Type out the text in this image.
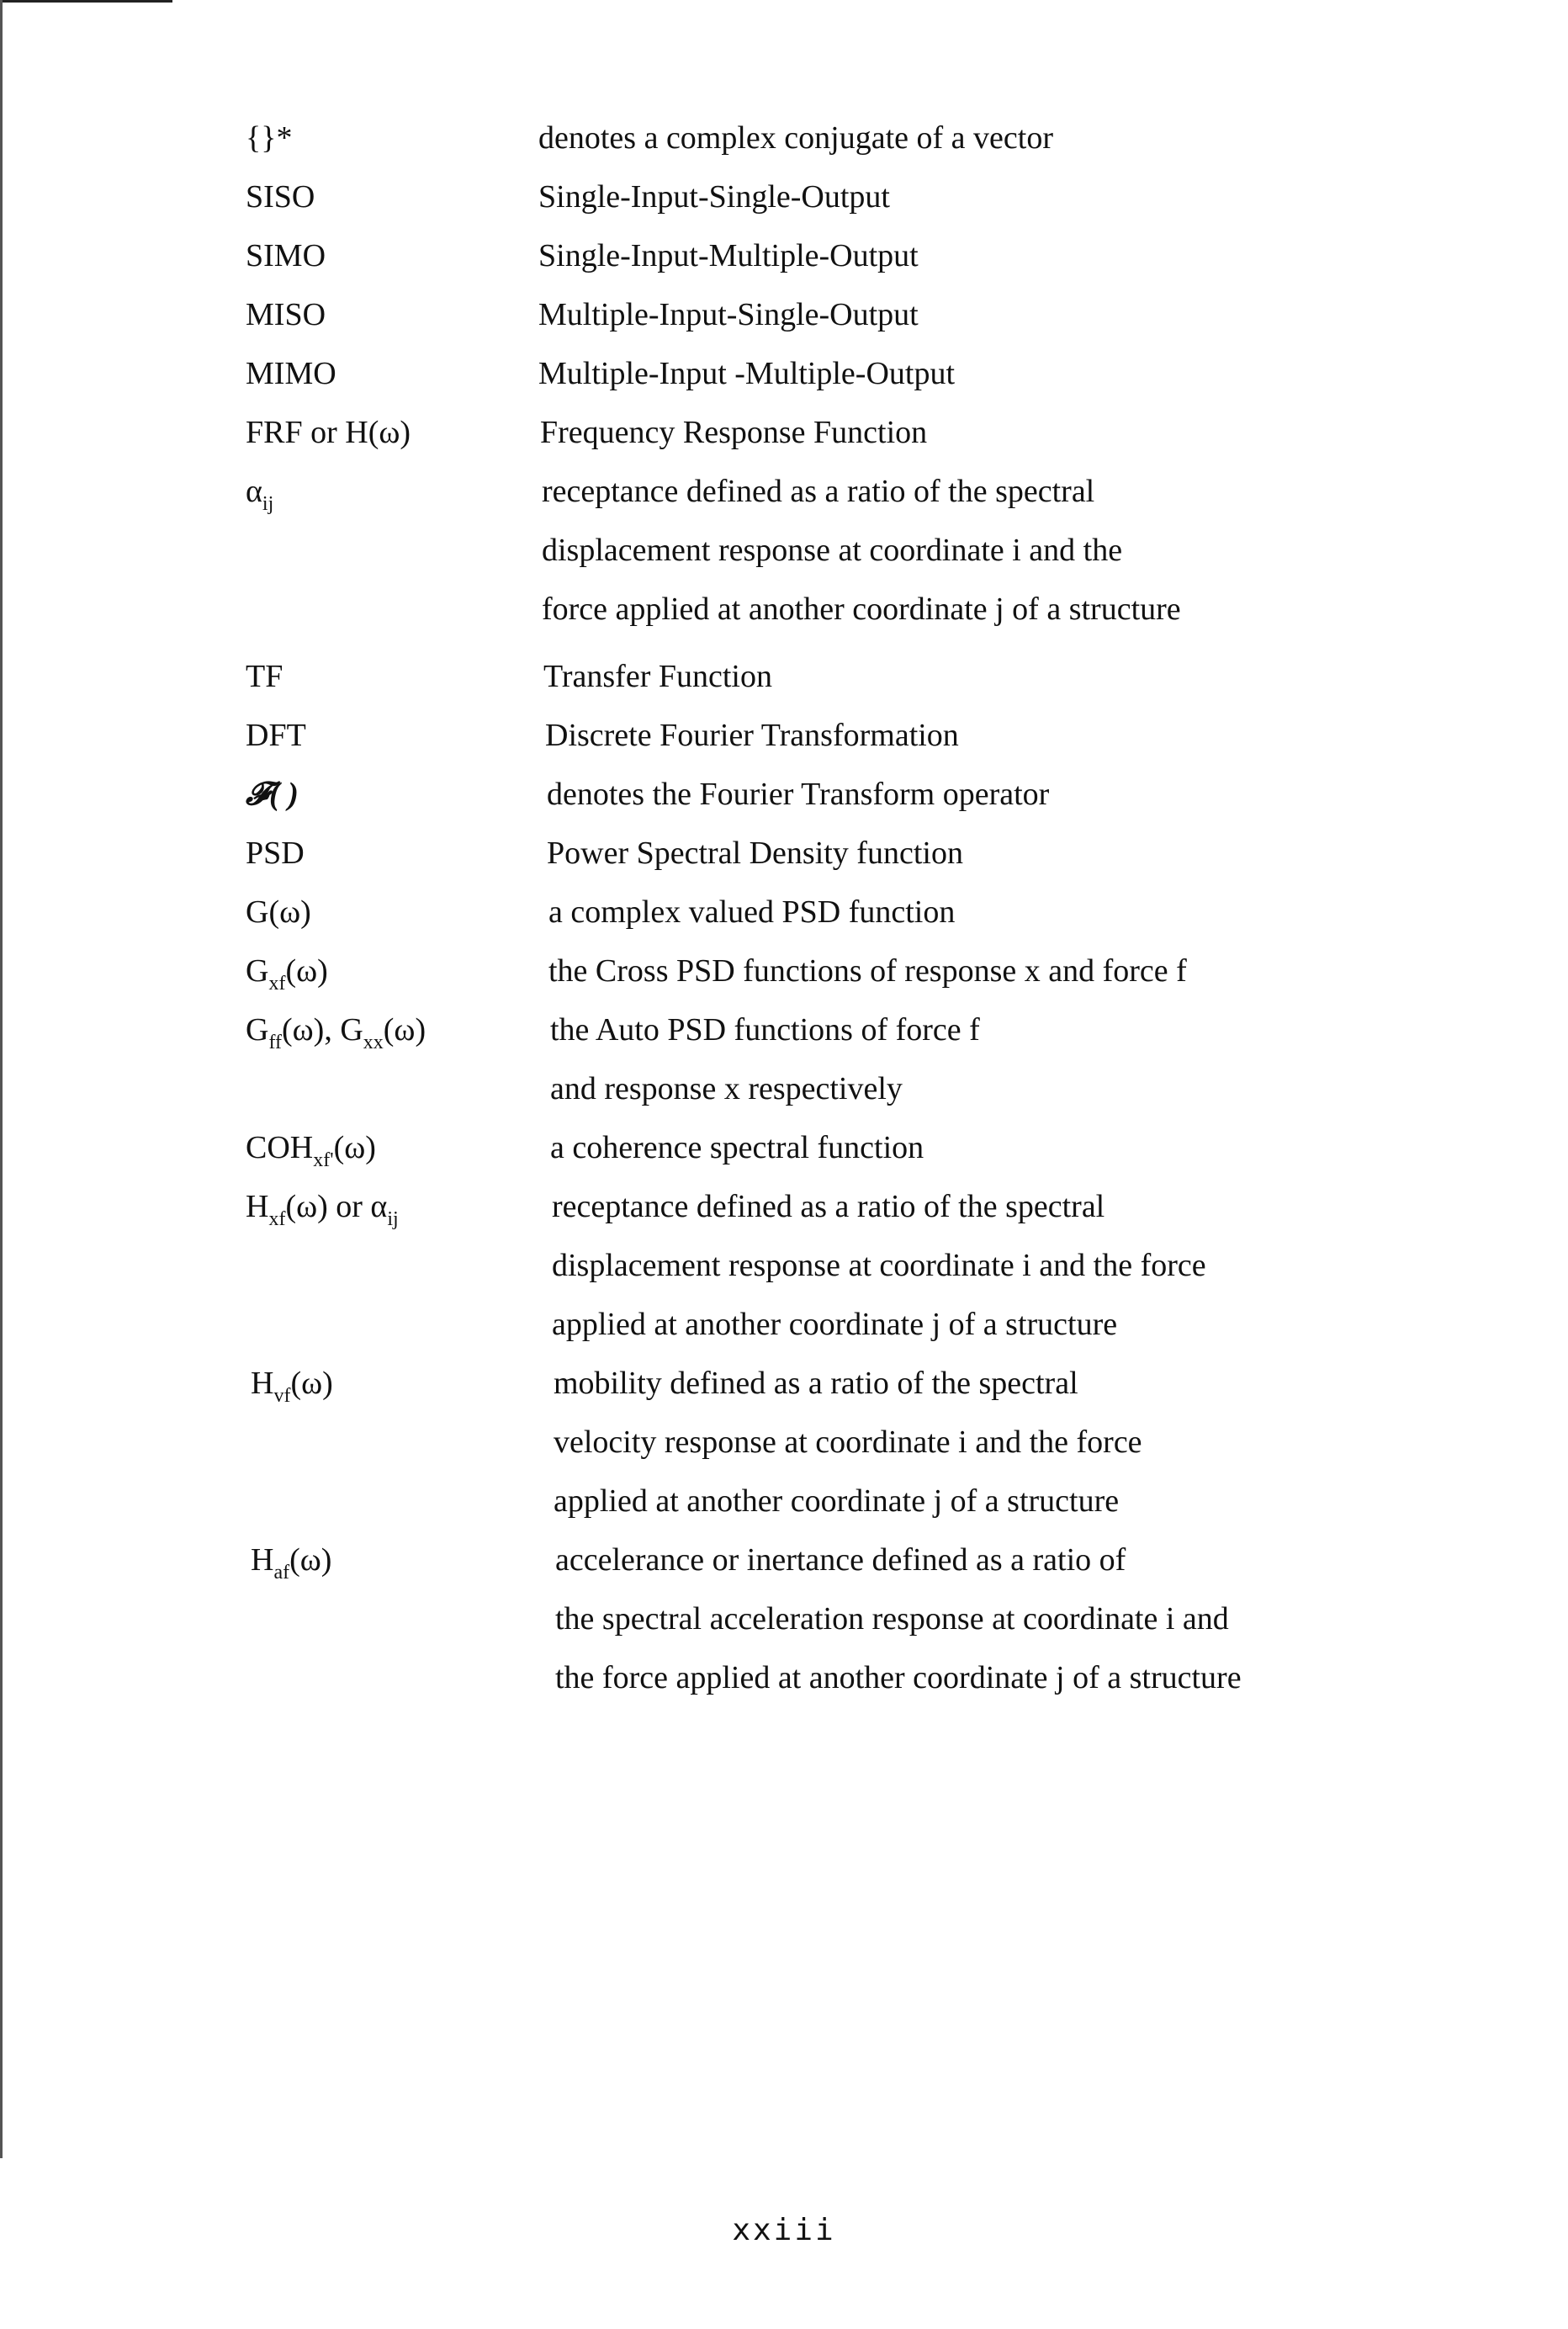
{}*	denotes a complex conjugate of a vector
SISO	Single-Input-Single-Output
SIMO	Single-Input-Multiple-Output
MISO	Multiple-Input-Single-Output
MIMO	Multiple-Input -Multiple-Output
FRF or H(ω)	Frequency Response Function
$\alpha_{ij}$	receptance defined as a ratio of the spectral
displacement response at coordinate i and the
force applied at another coordinate j of a structure
TF	Transfer Function
DFT	Discrete Fourier Transformation
𝓕( )	denotes the Fourier Transform operator
PSD	Power Spectral Density function
G(ω)	a complex valued PSD function
$G_{xf}(\omega)$	the Cross PSD functions of response x and force f
$G_{ff}(\omega)$, $G_{xx}(\omega)$	the Auto PSD functions of force f
and response x respectively
$COH_{xf'}(\omega)$	a coherence spectral function
$H_{xf}(\omega)$ or $\alpha_{ij}$	receptance defined as a ratio of the spectral
displacement response at coordinate i and the force
applied at another coordinate j of a structure
$H_{vf}(\omega)$	mobility defined as a ratio of the spectral
velocity response at coordinate i and the force
applied at another coordinate j of a structure
$H_{af}(\omega)$	accelerance or inertance defined as a ratio of
the spectral acceleration response at coordinate i and
the force applied at another coordinate j of a structure
xxiii
